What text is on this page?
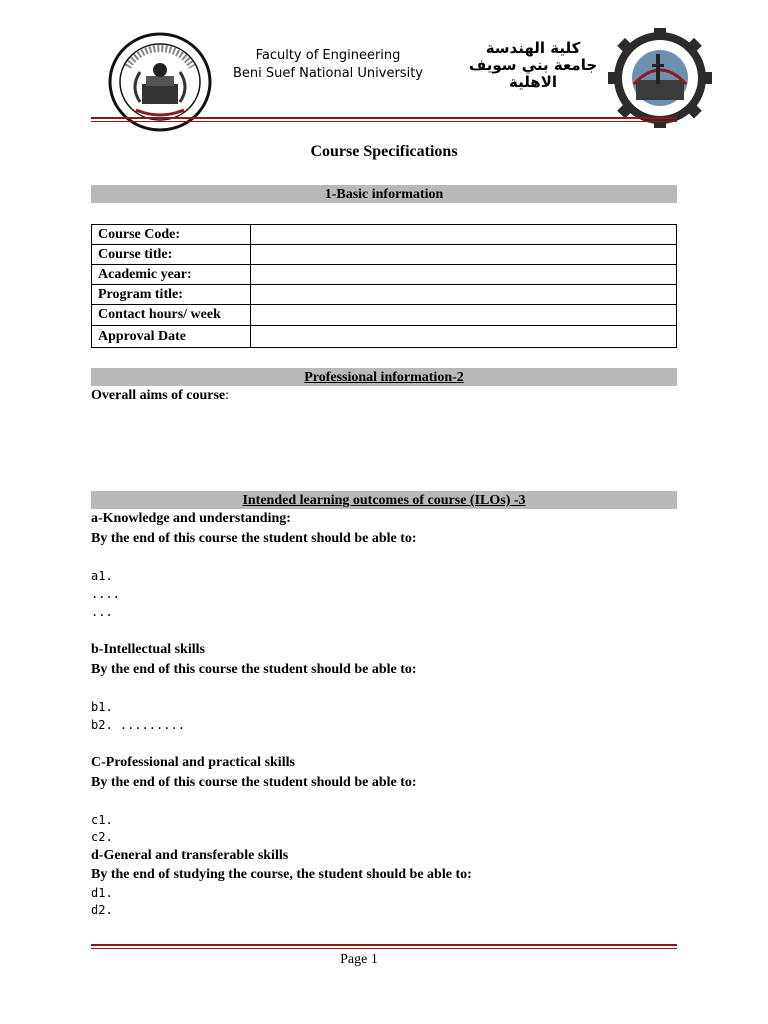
Faculty of Engineering
Beni Suef National University
كلية الهندسة
جامعة بني سويف
الاهلية
Course Specifications
1-Basic information
Course Code:	
Course title:	
Academic year:	
Program title:	
Contact hours/ week	
Approval Date	
Professional information-2
Overall aims of course:
Intended learning outcomes of course (ILOs) -3
a-Knowledge and understanding:
By the end of this course the student should be able to:
a1.
....
...
b-Intellectual skills
By the end of this course the student should be able to:
b1.
b2. .........
C-Professional and practical skills
By the end of this course the student should be able to:
c1.
c2.
d-General and transferable skills
By the end of studying the course, the student should be able to:
d1.
d2.
Page 1
